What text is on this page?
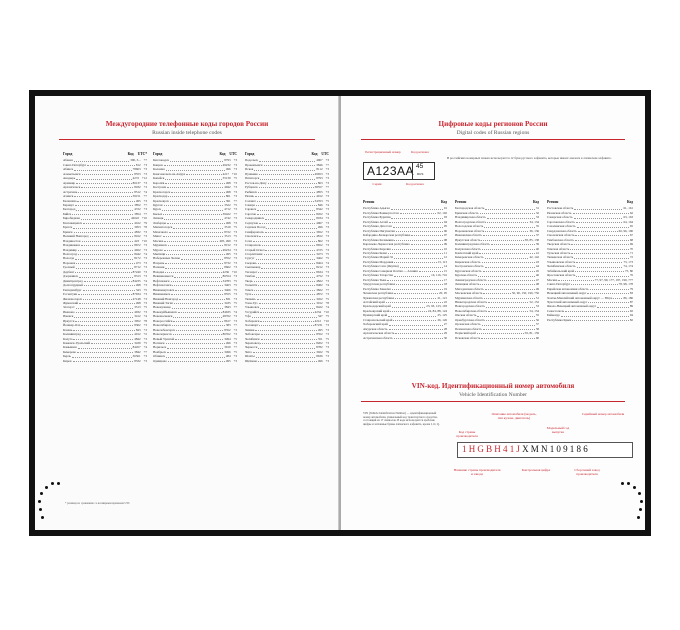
Междугородние телефонные коды городов России
Russian inside telephone codes
Город	Код UTC*
Абакан	390, 3... +7
Санкт-Петербург	812 +3
Абинск	78663 +3
Альметьевск	8553 +3
Анадырь	4272 +12
Армавир	86137 +3
Архангельск	8182 +3
Астрахань	8512 +4
Ачинск	39151 +7
Балашиха	495 +3
Барнаул	3852 +7
Белгород	4722 +3
Бийск	3854 +7
Биробиджан	42622 +10
Благовещенск	4162 +9
Братск	3953 +8
Брянск	4832 +3
Великий Новгород	8162 +3
Владивосток	423 +10
Владикавказ	8672 +3
Владимир	4922 +3
Волгоград	8442 +4
Вологда	8172 +3
Воронеж	473 +3
Грозный	8712 +3
Дербент	87240 +3
Дзержинск	8313 +3
Димитровград	84235 +4
Долгопрудный	498 +3
Екатеринбург	343 +5
Ессентуки	87934 +3
Железногорск	47148 +3
Жуковский	498 +3
Златоуст	3513 +5
Иваново	4932 +3
Ижевск	3412 +4
Иркутск	3952 +8
Йошкар-Ола	8362 +3
Казань	843 +3
Калининград	4012 +2
Калуга	4842 +3
Каменск-Уральский	3439 +5
Камышин	84457 +4
Кемерово	3842 +7
Керчь	36561 +3
Киров	8332 +3
Город	Код UTC
Кисловодск	8793 +3
Ковров	49232 +3
Коломна	496 +3
Комсомольск-на-Амуре	4217 +10
Копейск	35139 +5
Королёв	498 +3
Кострома	4942 +3
Красногорск	498 +3
Краснодар	861 +3
Красноярск	391 +7
Курган	3522 +5
Курск	4712 +3
Кызыл	39422 +7
Липецк	4742 +3
Люберцы	498 +3
Магнитогорск	3519 +5
Махачкала	8722 +3
Миасс	3513 +5
Москва	495, 499 +3
Мурманск	8152 +3
Муром	49234 +3
Мытищи	495 +3
Набережные Челны	8552 +3
Назрань	8732 +3
Нальчик	8662 +3
Находка	4236 +10
Невинномысск	86554 +3
Нефтекамск	34783 +5
Нефтеюганск	3463 +5
Нижневартовск	3466 +5
Нижнекамск	8555 +3
Нижний Новгород	831 +3
Нижний Тагил	3435 +5
Новокузнецк	3843 +7
Новокуйбышевск	84635 +4
Новомосковск	48762 +3
Новороссийск	8617 +3
Новосибирск	383 +7
Новочебоксарск	8352 +3
Новочеркасск	86352 +3
Новый Уренгой	3494 +5
Ногинск	496 +3
Норильск	3919 +7
Ноябрьск	3496 +5
Обнинск	484 +3
Одинцово	495 +3
Город	Код UTC
Подольск	4967 +3
Прокопьевск	3846 +7
Псков	8112 +3
Пушкино	49653 +3
Пятигорск	8793 +3
Ростов-на-Дону	863 +3
Рубцовск	38557 +7
Рыбинск	4855 +3
Рязань	4912 +3
Салават	34763 +5
Самара	846 +4
Саранск	8342 +3
Саратов	8452 +4
Северодвинск	8184 +3
Серпухов	4967 +3
Сергиев Посад	496 +3
Симферополь	3652 +3
Смоленск	4812 +3
Сочи	862 +3
Ставрополь	8652 +3
Старый Оскол	4725 +3
Стерлитамак	3473 +5
Сургут	3462 +5
Сызрань	8464 +4
Сыктывкар	8212 +3
Таганрог	8634 +3
Тамбов	4752 +3
Тверь	4822 +3
Тольятти	8482 +4
Томск	3822 +7
Тула	4872 +3
Тюмень	3452 +5
Улан-Удэ	3012 +8
Ульяновск	8422 +4
Уссурийск	4234 +10
Уфа	347 +5
Хабаровск	4212 +10
Хасавюрт	87231 +3
Химки	495 +3
Чебоксары	8352 +3
Челябинск	351 +5
Череповец	8202 +3
Черкесск	8782 +3
Чита	3022 +9
Шахты	8636 +3
Щёлково	496 +3
* разница по сравнению со всемирным временем UTC
Цифровые коды регионов России
Digital codes of Russian regions
Регистрационный номер	Код региона
А123АА 45
RUS
Серия	Код региона
В российских номерных знаках используются 12 букв русского алфавита, которые имеют аналоги в латинском алфавите.
Регион	Код
Республика Адыгея	01
Республика Башкортостан	02, 102
Республика Бурятия	03
Республика Алтай	04
Республика Дагестан	05
Республика Ингушетия	06
Кабардино-Балкарская республика	07
Республика Калмыкия	08
Карачаево-Черкесская республика	09
Республика Карелия	10
Республика Коми	11
Республика Марий Эл	12
Республика Мордовия	13, 113
Республика Саха (Якутия)	14
Республика Северная Осетия — Алания	15
Республика Татарстан	16, 116, 716
Республика Тыва	17
Удмуртская республика	18
Республика Хакасия	19
Чеченская республика	20, 95
Чувашская республика	21, 121
Алтайский край	22
Краснодарский край	23, 93, 123, 193
Красноярский край	24, 84, 88, 124
Приморский край	25, 125
Ставропольский край	26, 126
Хабаровский край	27
Амурская область	28
Архангельская область	29
Астраханская область	30
Регион	Код
Белгородская область	31
Брянская область	32
Владимирская область	33
Волгоградская область	34, 134
Вологодская область	35
Воронежская область	36, 136
Ивановская область	37
Иркутская область	38, 85, 138
Калининградская область	39
Калужская область	40
Камчатский край	41
Кемеровская область	42, 142
Кировская область	43
Костромская область	44
Курганская область	45
Курская область	46
Ленинградская область	47
Липецкая область	48
Магаданская область	49
Московская область	50, 90, 150, 190, 750
Мурманская область	51
Нижегородская область	52, 152
Новгородская область	53
Новосибирская область	54, 154
Омская область	55
Оренбургская область	56
Орловская область	57
Пензенская область	58
Пермский край	59, 81, 159
Псковская область	60
Регион	Код
Ростовская область	61, 161
Рязанская область	62
Самарская область	63, 163
Саратовская область	64, 164
Сахалинская область	65
Свердловская область	66, 96, 196
Смоленская область	67
Тамбовская область	68
Тверская область	69
Томская область	70
Тульская область	71
Тюменская область	72
Ульяновская область	73, 173
Челябинская область	74, 174
Забайкальский край	75, 80
Ярославская область	76
Москва	77, 97, 99, 177, 197, 199, 777
Санкт-Петербург	78, 98, 178
Еврейская автономная область	79
Ненецкий автономный округ	83
Ханты-Мансийский автономный округ — Югра	86, 186
Чукотский автономный округ	87
Ямало-Ненецкий автономный округ	89
Севастополь	92
Байконур	94
Республика Крым	82
VIN-код. Идентификационный номер автомобиля
Vehicle Identification Number
VIN (Vehicle Identification Number) — идентификационный номер автомобиля, уникальный код транспортного средства, состоящий из 17 символов. В коде используются арабские цифры и заглавные буквы латинского алфавита, кроме I, O, Q.
Код страны производителя
Описание автомобиля (модель, тип кузова, двигатель)
Модельный год выпуска
Серийный номер автомобиля
1HGBH41JXMN109186
Название страны производителя и завода
Контрольная цифра	Сборочный завод производителя
